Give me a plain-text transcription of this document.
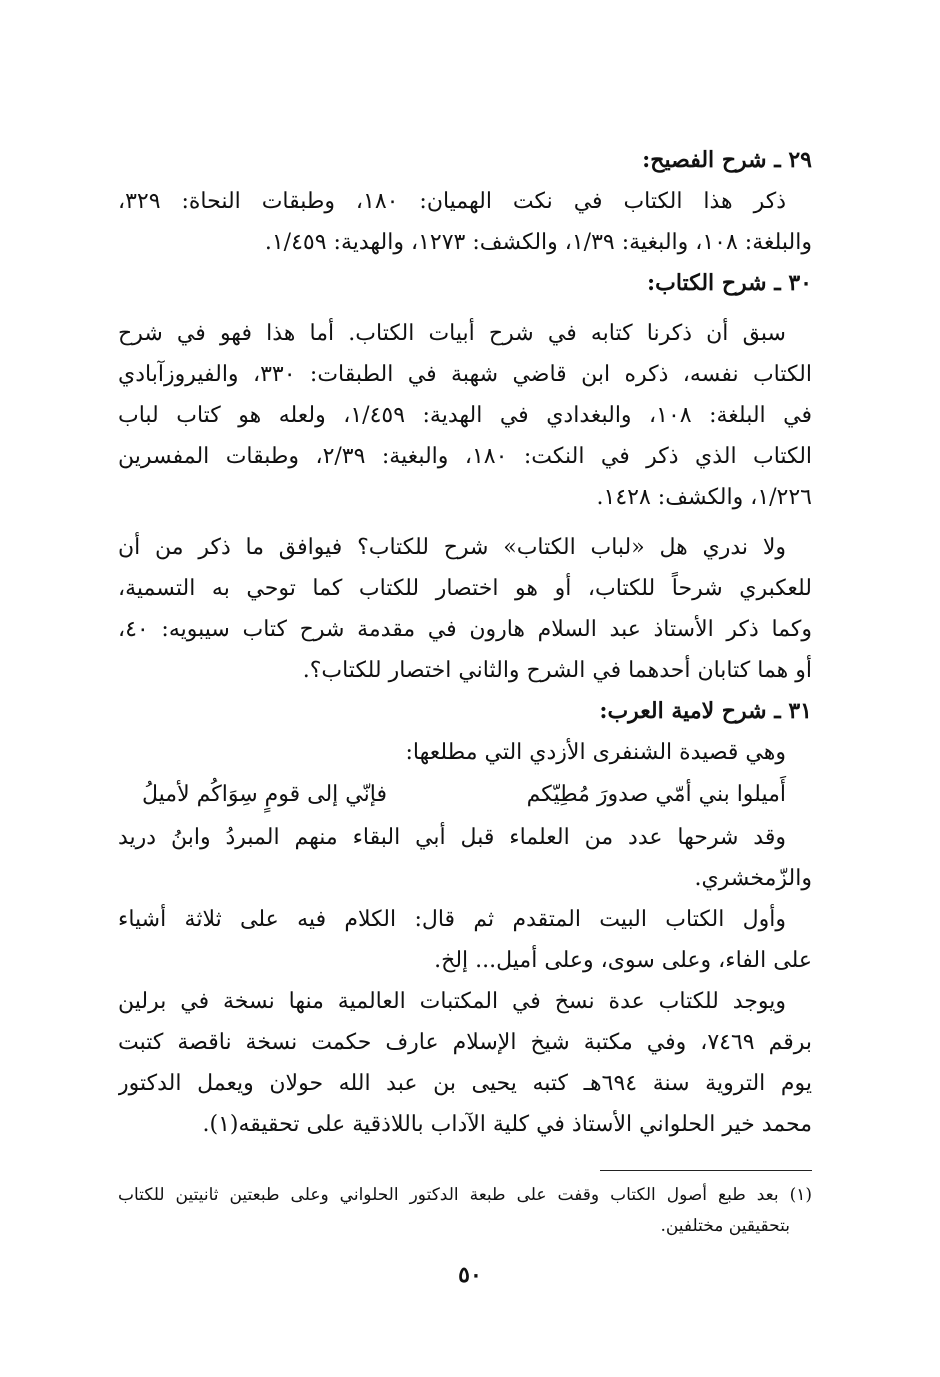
٢٩ ـ شرح الفصيح:
ذكر هذا الكتاب في نكت الهميان: ١٨٠، وطبقات النحاة: ٣٢٩،
والبلغة: ١٠٨، والبغية: ١/٣٩، والكشف: ١٢٧٣، والهدية: ١/٤٥٩.
٣٠ ـ شرح الكتاب:
سبق أن ذكرنا كتابه في شرح أبيات الكتاب. أما هذا فهو في شرح
الكتاب نفسه، ذكره ابن قاضي شهبة في الطبقات: ٣٣٠، والفيروزآبادي
في البلغة: ١٠٨، والبغدادي في الهدية: ١/٤٥٩، ولعله هو كتاب لباب
الكتاب الذي ذكر في النكت: ١٨٠، والبغية: ٢/٣٩، وطبقات المفسرين
١/٢٢٦، والكشف: ١٤٢٨.
ولا ندري هل «لباب الكتاب» شرح للكتاب؟ فيوافق ما ذكر من أن
للعكبري شرحاً للكتاب، أو هو اختصار للكتاب كما توحي به التسمية،
وكما ذكر الأستاذ عبد السلام هارون في مقدمة شرح كتاب سيبويه: ٤٠،
أو هما كتابان أحدهما في الشرح والثاني اختصار للكتاب؟.
٣١ ـ شرح لامية العرب:
وهي قصيدة الشنفرى الأزدي التي مطلعها:
أَميلوا بني أمّي صدورَ مُطِيّكم
فإنّي إلى قومٍ سِوَاكُم لأميلُ
وقد شرحها عدد من العلماء قبل أبي البقاء منهم المبردُ وابنُ دريد
والزّمخشري.
وأول الكتاب البيت المتقدم ثم قال: الكلام فيه على ثلاثة أشياء
على الفاء، وعلى سوى، وعلى أميل... إلخ.
ويوجد للكتاب عدة نسخ في المكتبات العالمية منها نسخة في برلين
برقم ٧٤٦٩، وفي مكتبة شيخ الإسلام عارف حكمت نسخة ناقصة كتبت
يوم التروية سنة ٦٩٤هـ كتبه يحيى بن عبد الله حولان ويعمل الدكتور
محمد خير الحلواني الأستاذ في كلية الآداب باللاذقية على تحقيقه(١).
(١) بعد طبع أصول الكتاب وقفت على طبعة الدكتور الحلواني وعلى طبعتين ثانيتين للكتاب
بتحقيقين مختلفين.
٥٠
